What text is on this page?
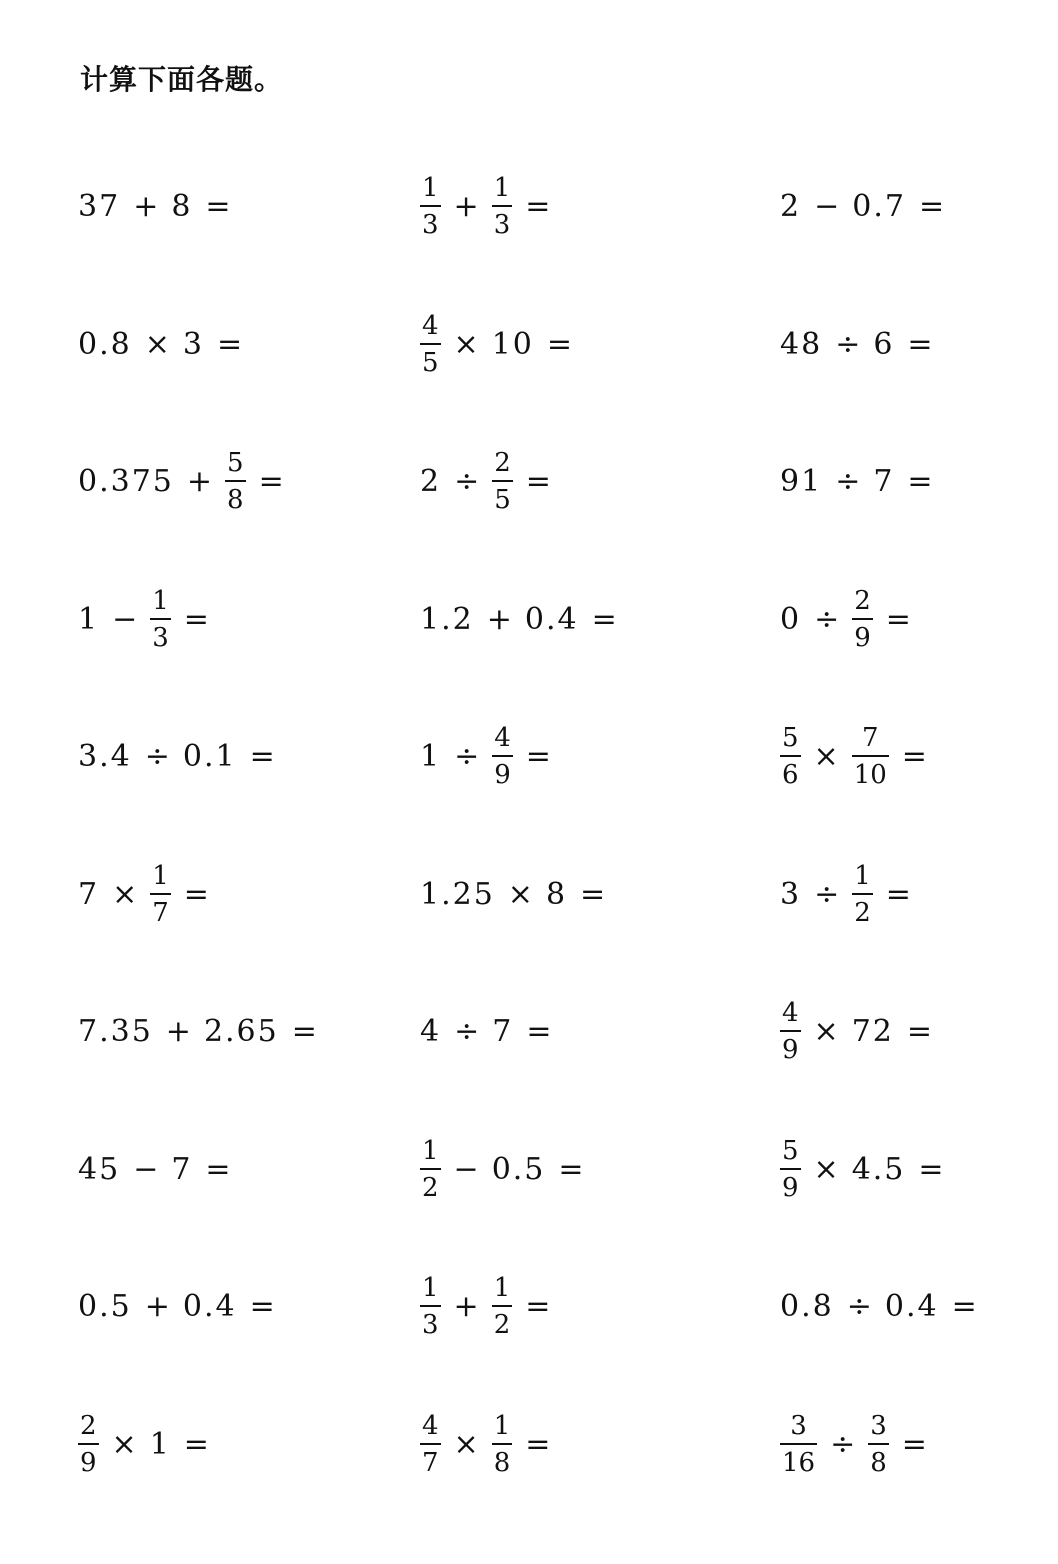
计算下面各题。
37 + 8 =	$\frac{1}{3} + \frac{1}{3}$ =	2 − 0.7 =
0.8 × 3 =	$\frac{4}{5} \times 10$ =	48 ÷ 6 =
$0.375 + \frac{5}{8}$ =	$2 \div \frac{2}{5}$ =	91 ÷ 7 =
$1 - \frac{1}{3}$ =	1.2 + 0.4 =	$0 \div \frac{2}{9}$ =
3.4 ÷ 0.1 =	$1 \div \frac{4}{9}$ =	$\frac{5}{6} \times \frac{7}{10}$ =
$7 \times \frac{1}{7}$ =	1.25 × 8 =	$3 \div \frac{1}{2}$ =
7.35 + 2.65 =	4 ÷ 7 =	$\frac{4}{9} \times 72$ =
45 − 7 =	$\frac{1}{2} - 0.5$ =	$\frac{5}{9} \times 4.5$ =
0.5 + 0.4 =	$\frac{1}{3} + \frac{1}{2}$ =	0.8 ÷ 0.4 =
$\frac{2}{9} \times 1$ =	$\frac{4}{7} \times \frac{1}{8}$ =	$\frac{3}{16} \div \frac{3}{8}$ =
